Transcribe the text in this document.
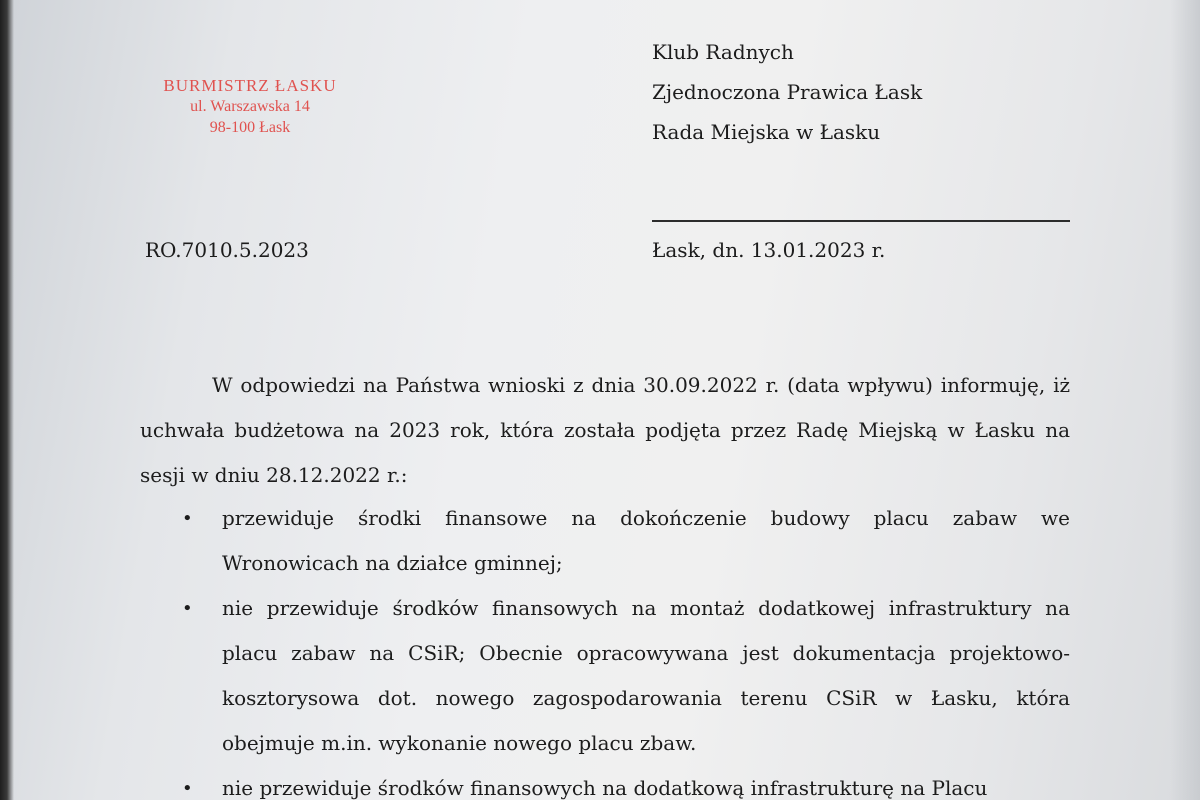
BURMISTRZ ŁASKU
ul. Warszawska 14
98-100 Łask
Klub Radnych
Zjednoczona Prawica Łask
Rada Miejska w Łasku
RO.7010.5.2023	Łask, dn. 13.01.2023 r.

W odpowiedzi na Państwa wnioski z dnia 30.09.2022 r. (data wpływu) informuję, iż uchwała budżetowa na 2023 rok, która została podjęta przez Radę Miejską w Łasku na sesji w dniu 28.12.2022 r.:

• przewiduje środki finansowe na dokończenie budowy placu zabaw we Wronowicach na działce gminnej;
• nie przewiduje środków finansowych na montaż dodatkowej infrastruktury na placu zabaw na CSiR; Obecnie opracowywana jest dokumentacja projektowo-kosztorysowa dot. nowego zagospodarowania terenu CSiR w Łasku, która obejmuje m.in. wykonanie nowego placu zbaw.
• nie przewiduje środków finansowych na dodatkową infrastrukturę na Placu
